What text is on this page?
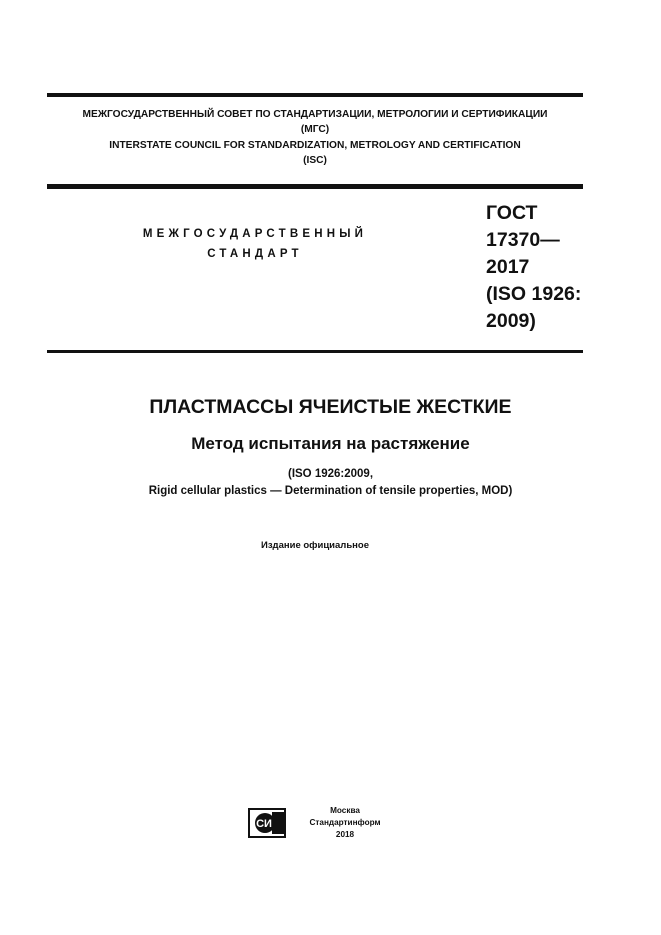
МЕЖГОСУДАРСТВЕННЫЙ СОВЕТ ПО СТАНДАРТИЗАЦИИ, МЕТРОЛОГИИ И СЕРТИФИКАЦИИ
(МГС)
INTERSTATE COUNCIL FOR STANDARDIZATION, METROLOGY AND CERTIFICATION
(ISC)
МЕЖГОСУДАРСТВЕННЫЙ
СТАНДАРТ
ГОСТ
17370—
2017
(ISO 1926:
2009)
ПЛАСТМАССЫ ЯЧЕИСТЫЕ ЖЕСТКИЕ
Метод испытания на растяжение
(ISO 1926:2009,
Rigid cellular plastics — Determination of tensile properties, MOD)
Издание официальное
СИ
Москва
Стандартинформ
2018
